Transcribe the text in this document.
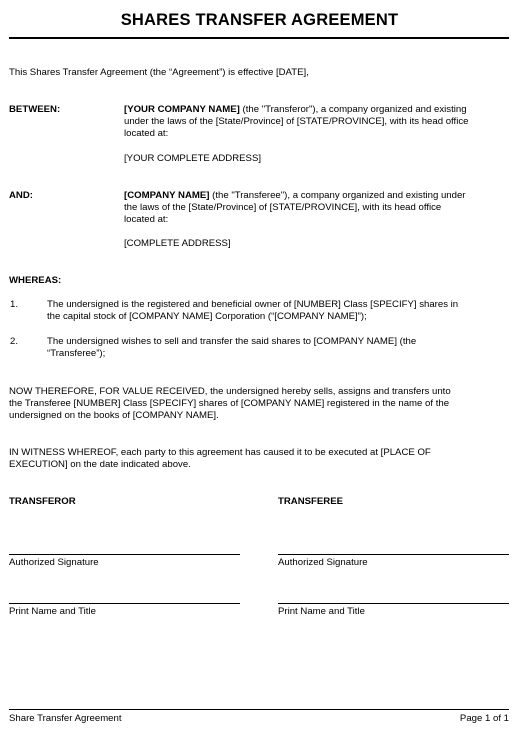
SHARES TRANSFER AGREEMENT
This Shares Transfer Agreement (the “Agreement”) is effective [DATE],
BETWEEN:	[YOUR COMPANY NAME] (the "Transferor"), a company organized and existing
under the laws of the [State/Province] of [STATE/PROVINCE], with its head office
located at:
[YOUR COMPLETE ADDRESS]
AND:	[COMPANY NAME] (the "Transferee"), a company organized and existing under
the laws of the [State/Province] of [STATE/PROVINCE], with its head office
located at:
[COMPLETE ADDRESS]
WHEREAS:
1.	The undersigned is the registered and beneficial owner of [NUMBER] Class [SPECIFY] shares in
the capital stock of [COMPANY NAME] Corporation (“[COMPANY NAME]”);
2.	The undersigned wishes to sell and transfer the said shares to [COMPANY NAME] (the
“Transferee”);
NOW THEREFORE, FOR VALUE RECEIVED, the undersigned hereby sells, assigns and transfers unto
the Transferee [NUMBER] Class [SPECIFY] shares of [COMPANY NAME] registered in the name of the
undersigned on the books of [COMPANY NAME].
IN WITNESS WHEREOF, each party to this agreement has caused it to be executed at [PLACE OF
EXECUTION] on the date indicated above.
TRANSFEROR	TRANSFEREE
Authorized Signature	Authorized Signature
Print Name and Title	Print Name and Title
Share Transfer Agreement	Page 1 of 1
